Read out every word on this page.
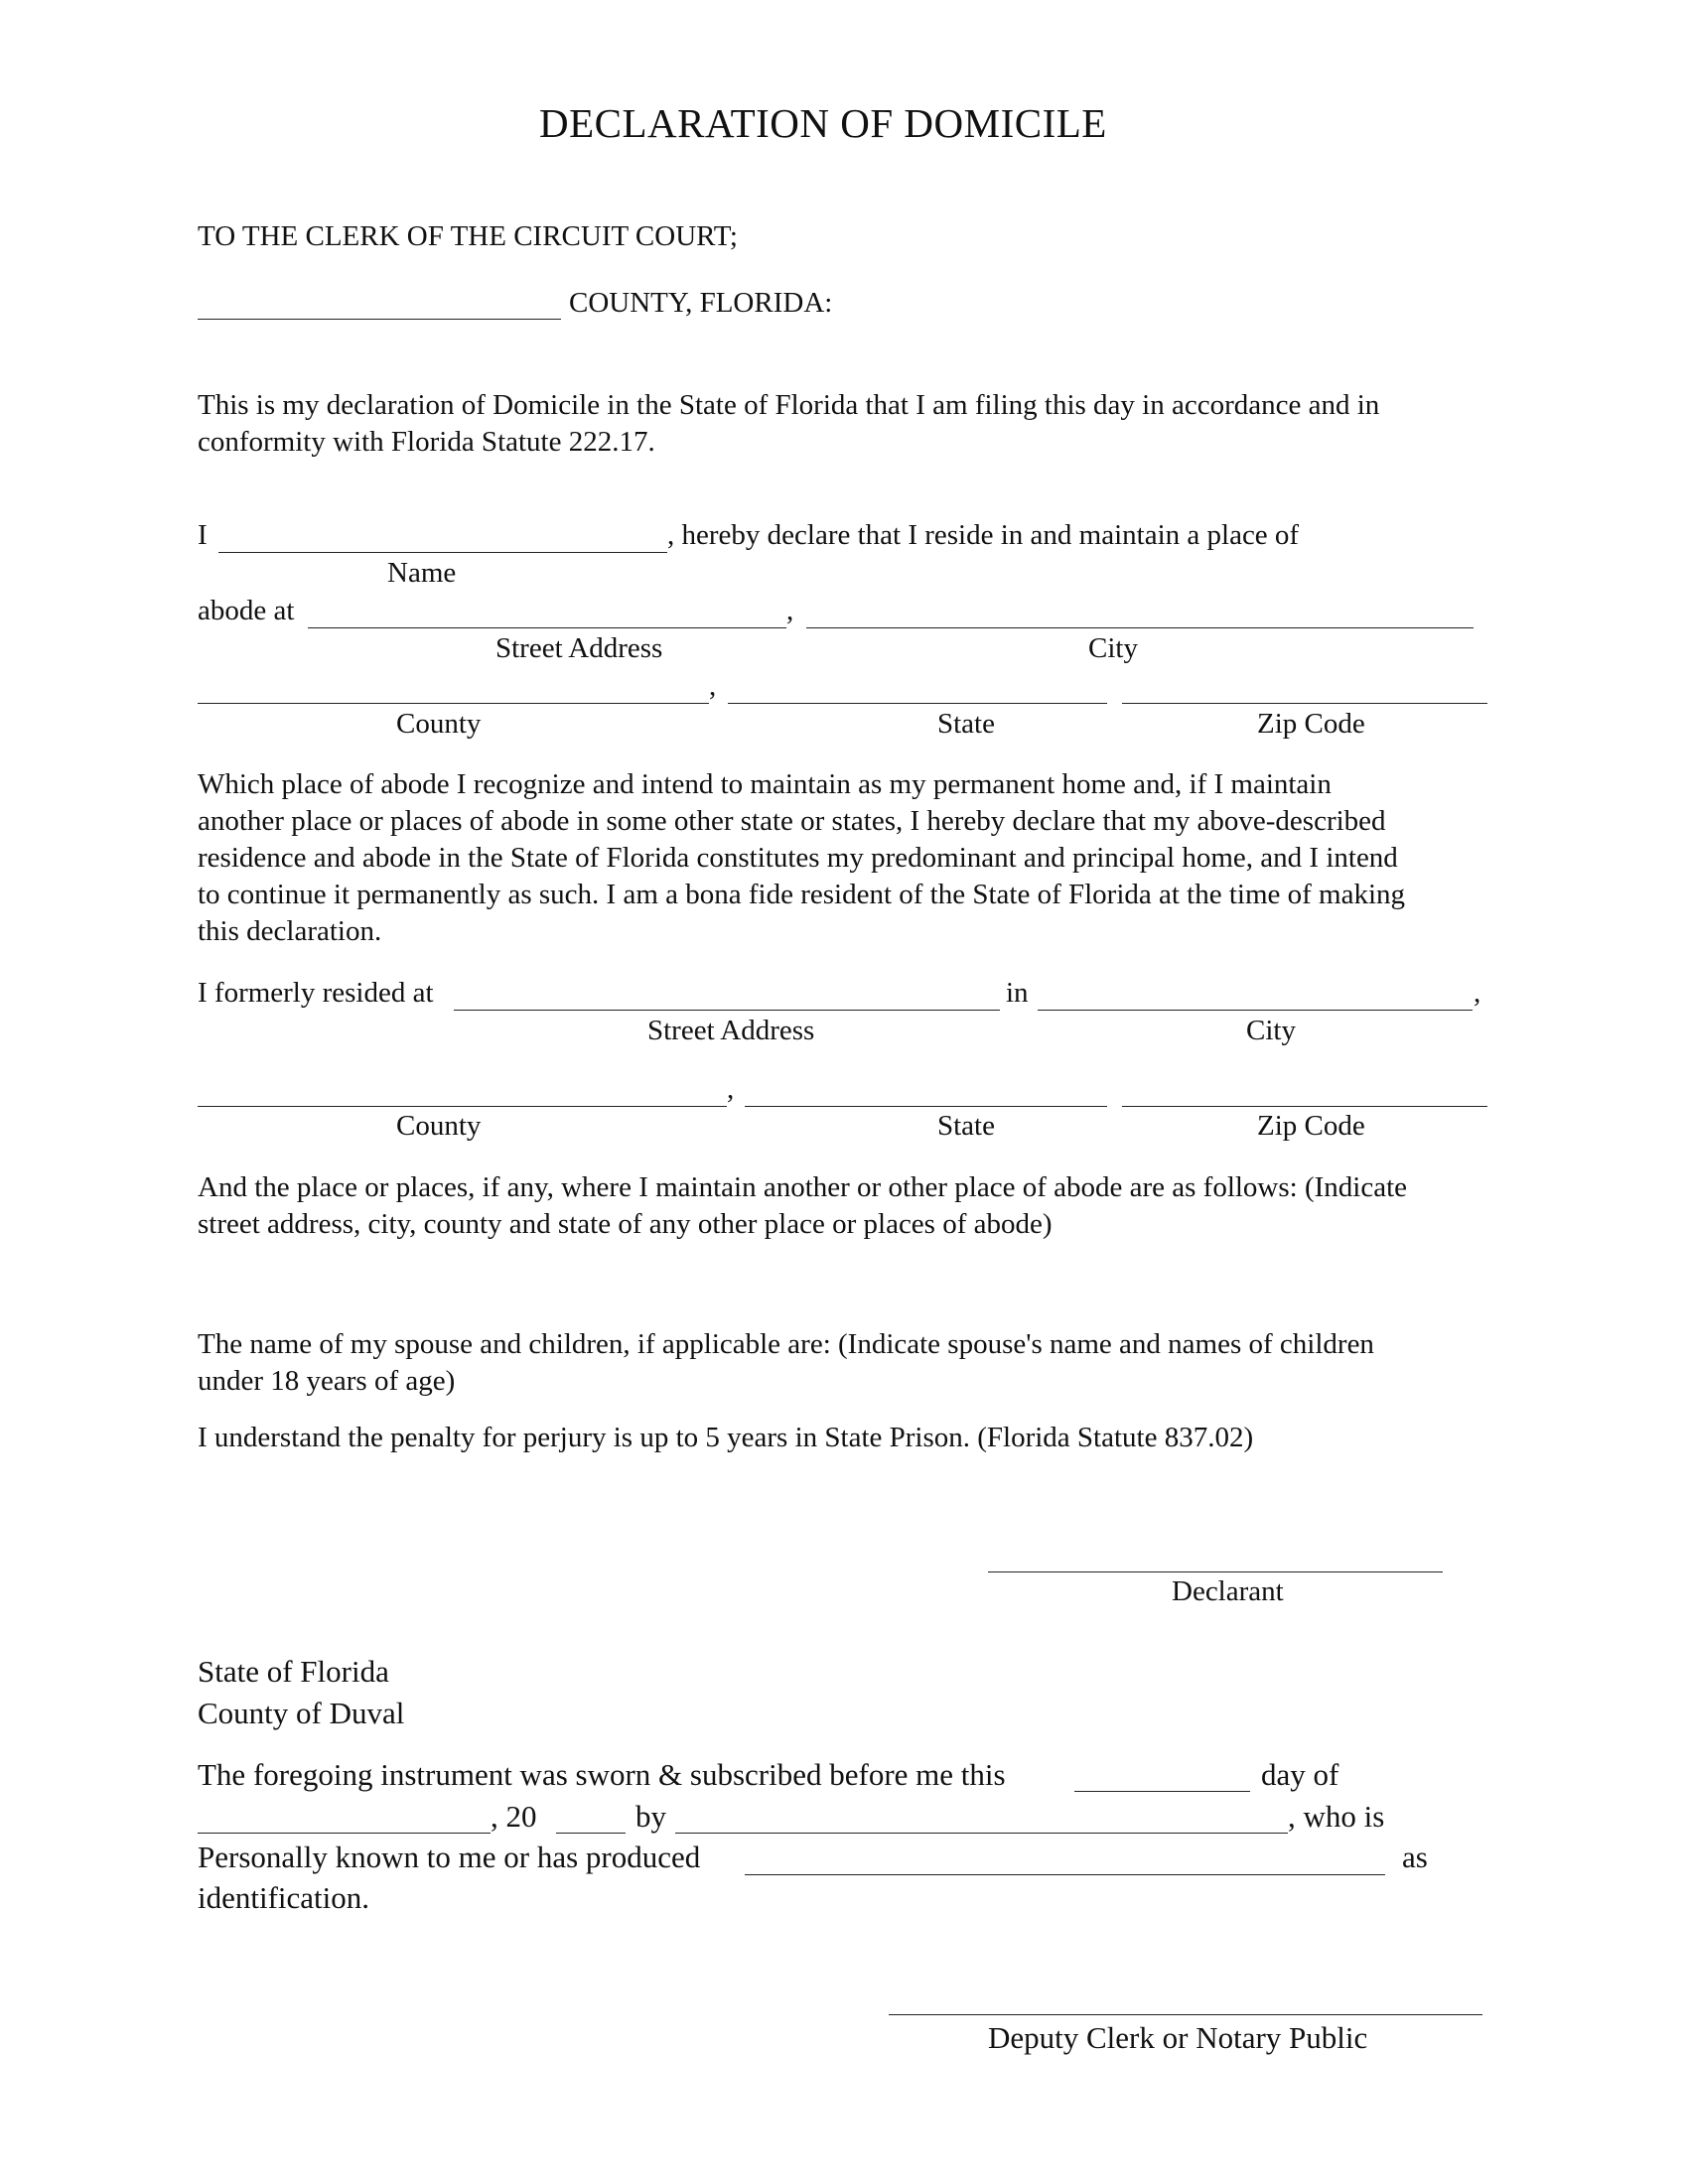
DECLARATION OF DOMICILE
TO THE CLERK OF THE CIRCUIT COURT;
COUNTY, FLORIDA:
This is my declaration of Domicile in the State of Florida that I am filing this day in accordance and in
conformity with Florida Statute 222.17.
I	, hereby declare that I reside in and maintain a place of
Name
abode at	,
Street Address	City
,
County	State	Zip Code
Which place of abode I recognize and intend to maintain as my permanent home and, if I maintain
another place or places of abode in some other state or states, I hereby declare that my above-described
residence and abode in the State of Florida constitutes my predominant and principal home, and I intend
to continue it permanently as such. I am a bona fide resident of the State of Florida at the time of making
this declaration.
I formerly resided at	in	,
Street Address	City
,
County	State	Zip Code
And the place or places, if any, where I maintain another or other place of abode are as follows: (Indicate
street address, city, county and state of any other place or places of abode)
The name of my spouse and children, if applicable are: (Indicate spouse's name and names of children
under 18 years of age)
I understand the penalty for perjury is up to 5 years in State Prison. (Florida Statute 837.02)
Declarant
State of Florida
County of Duval
The foregoing instrument was sworn & subscribed before me this	day of
, 20	by	, who is
Personally known to me or has produced	as
identification.
Deputy Clerk or Notary Public
